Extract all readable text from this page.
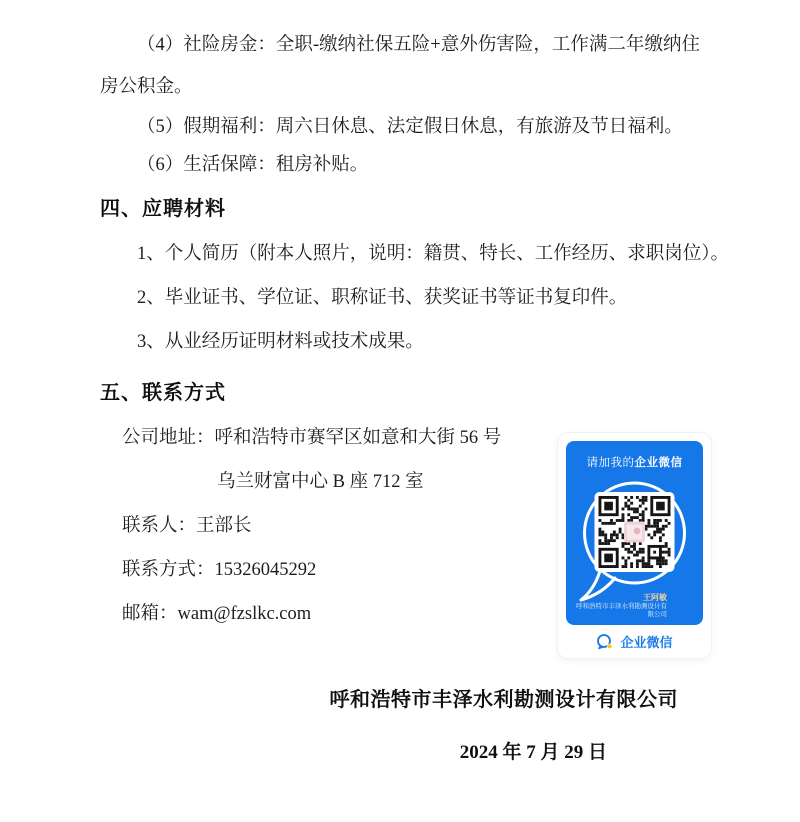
（4）社险房金：全职-缴纳社保五险+意外伤害险，工作满二年缴纳住房公积金。

（5）假期福利：周六日休息、法定假日休息，有旅游及节日福利。

（6）生活保障：租房补贴。

四、应聘材料

1、个人简历（附本人照片，说明：籍贯、特长、工作经历、求职岗位）。

2、毕业证书、学位证、职称证书、获奖证书等证书复印件。

3、从业经历证明材料或技术成果。

五、联系方式

公司地址：呼和浩特市赛罕区如意和大街 56 号

乌兰财富中心 B 座 712 室

联系人：王部长

联系方式：15326045292

邮箱：wam@fzslkc.com

呼和浩特市丰泽水利勘测设计有限公司

2024 年 7 月 29 日

请加我的企业微信
王阿敏
呼和浩特市丰泽水利勘测设计有
限公司
企业微信
